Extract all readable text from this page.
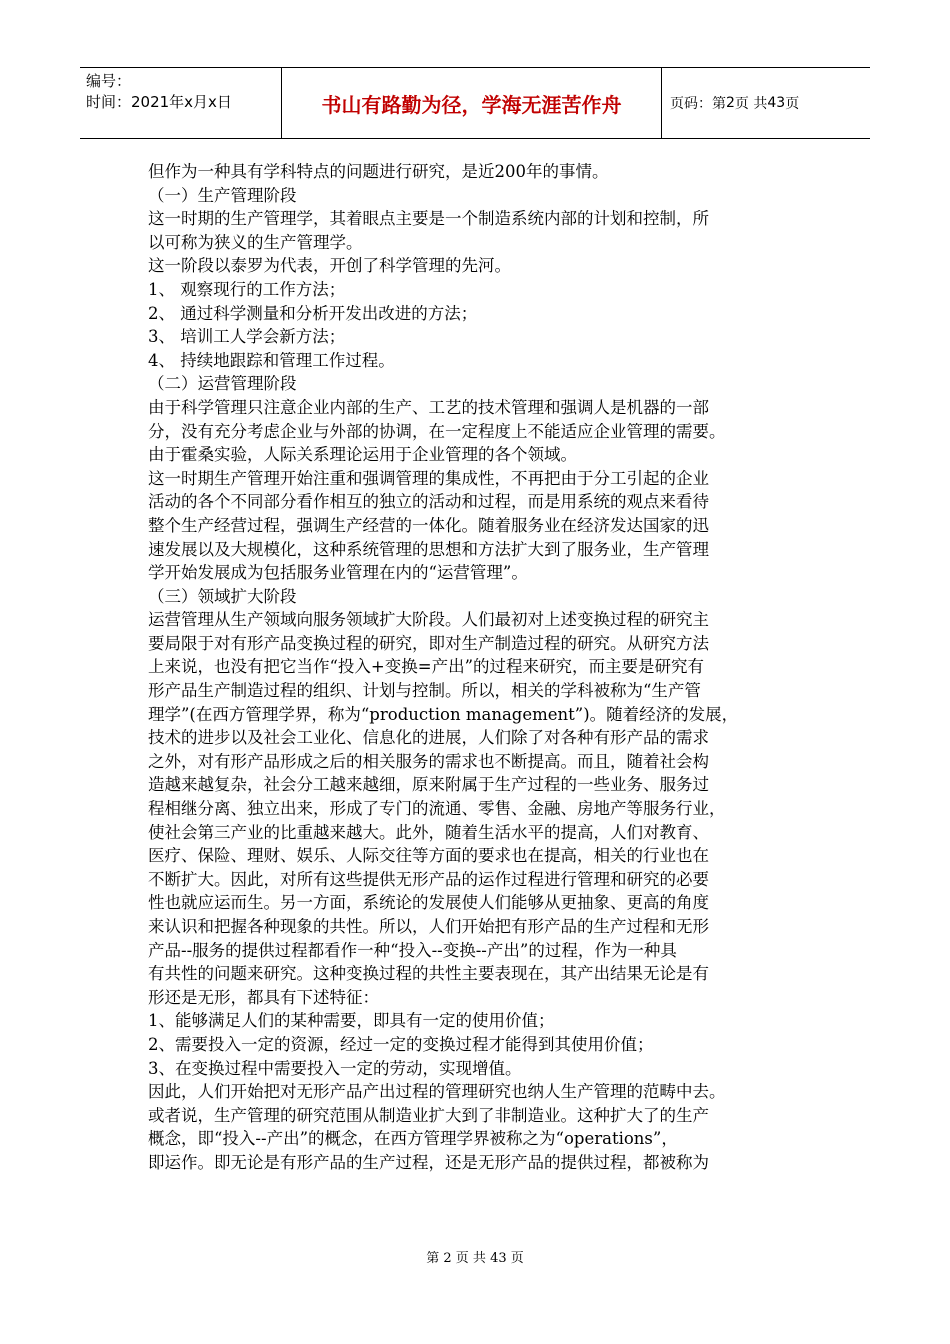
编号：
时间：2021年x月x日	书山有路勤为径，学海无涯苦作舟	页码：第 2 页 共 43 页

但作为一种具有学科特点的问题进行研究，是近200年的事情。

（一）生产管理阶段

这一时期的生产管理学，其着眼点主要是一个制造系统内部的计划和控制，所

以可称为狭义的生产管理学。

这一阶段以泰罗为代表，开创了科学管理的先河。

1、 观察现行的工作方法；

2、 通过科学测量和分析开发出改进的方法；

3、 培训工人学会新方法；

4、 持续地跟踪和管理工作过程。

（二）运营管理阶段

由于科学管理只注意企业内部的生产、工艺的技术管理和强调人是机器的一部

分，没有充分考虑企业与外部的协调，在一定程度上不能适应企业管理的需要。

由于霍桑实验，人际关系理论运用于企业管理的各个领域。

这一时期生产管理开始注重和强调管理的集成性，不再把由于分工引起的企业

活动的各个不同部分看作相互的独立的活动和过程，而是用系统的观点来看待

整个生产经营过程，强调生产经营的一体化。随着服务业在经济发达国家的迅

速发展以及大规模化，这种系统管理的思想和方法扩大到了服务业，生产管理

学开始发展成为包括服务业管理在内的“运营管理”。

（三）领域扩大阶段

运营管理从生产领域向服务领域扩大阶段。人们最初对上述变换过程的研究主

要局限于对有形产品变换过程的研究，即对生产制造过程的研究。从研究方法

上来说，也没有把它当作“投入+变换=产出”的过程来研究，而主要是研究有

形产品生产制造过程的组织、计划与控制。所以，相关的学科被称为“生产管

理学”(在西方管理学界，称为“production management”)。随着经济的发展，

技术的进步以及社会工业化、信息化的进展，人们除了对各种有形产品的需求

之外，对有形产品形成之后的相关服务的需求也不断提高。而且，随着社会构

造越来越复杂，社会分工越来越细，原来附属于生产过程的一些业务、服务过

程相继分离、独立出来，形成了专门的流通、零售、金融、房地产等服务行业，

使社会第三产业的比重越来越大。此外，随着生活水平的提高，人们对教育、

医疗、保险、理财、娱乐、人际交往等方面的要求也在提高，相关的行业也在

不断扩大。因此，对所有这些提供无形产品的运作过程进行管理和研究的必要

性也就应运而生。另一方面，系统论的发展使人们能够从更抽象、更高的角度

来认识和把握各种现象的共性。所以，人们开始把有形产品的生产过程和无形

产品--服务的提供过程都看作一种“投入--变换--产出”的过程，作为一种具

有共性的问题来研究。这种变换过程的共性主要表现在，其产出结果无论是有

形还是无形，都具有下述特征：

1、能够满足人们的某种需要，即具有一定的使用价值；

2、需要投入一定的资源，经过一定的变换过程才能得到其使用价值；

3、在变换过程中需要投入一定的劳动，实现增值。

因此，人们开始把对无形产品产出过程的管理研究也纳人生产管理的范畴中去。

或者说，生产管理的研究范围从制造业扩大到了非制造业。这种扩大了的生产

概念，即“投入--产出”的概念，在西方管理学界被称之为“operations”，

即运作。即无论是有形产品的生产过程，还是无形产品的提供过程，都被称为

第 2 页 共 43 页
